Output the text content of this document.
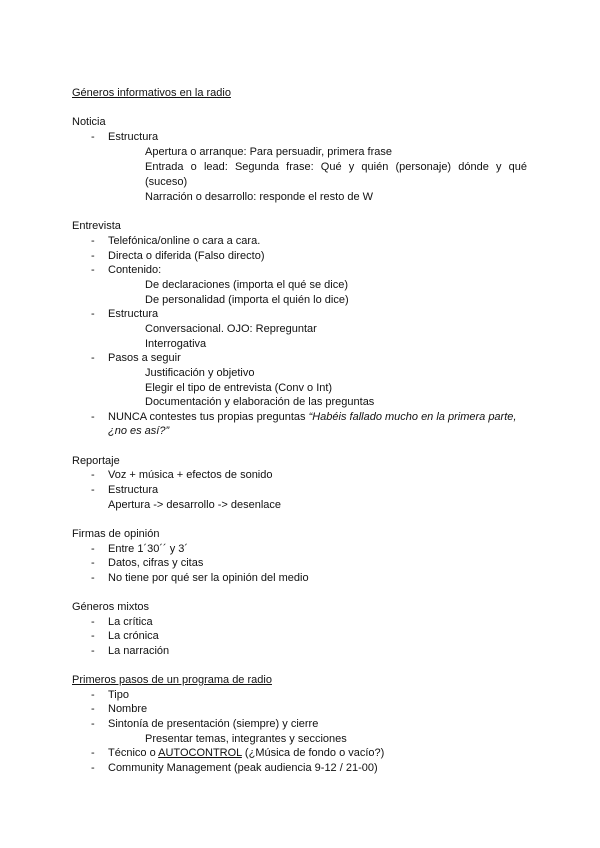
Géneros informativos en la radio
Noticia
- Estructura
Apertura o arranque: Para persuadir, primera frase
Entrada o lead: Segunda frase: Qué y quién (personaje) dónde y qué (suceso)
Narración o desarrollo: responde el resto de W
Entrevista
- Telefónica/online o cara a cara.
- Directa o diferida (Falso directo)
- Contenido:
De declaraciones (importa el qué se dice)
De personalidad (importa el quién lo dice)
- Estructura
Conversacional. OJO: Repreguntar
Interrogativa
- Pasos a seguir
Justificación y objetivo
Elegir el tipo de entrevista (Conv o Int)
Documentación y elaboración de las preguntas
- NUNCA contestes tus propias preguntas “Habéis fallado mucho en la primera parte,
¿no es así?”
Reportaje
- Voz + música + efectos de sonido
- Estructura
Apertura -> desarrollo -> desenlace
Firmas de opinión
- Entre 1´30´´ y 3´
- Datos, cifras y citas
- No tiene por qué ser la opinión del medio
Géneros mixtos
- La crítica
- La crónica
- La narración
Primeros pasos de un programa de radio
- Tipo
- Nombre
- Sintonía de presentación (siempre) y cierre
Presentar temas, integrantes y secciones
- Técnico o AUTOCONTROL (¿Música de fondo o vacío?)
- Community Management (peak audiencia 9-12 / 21-00)
